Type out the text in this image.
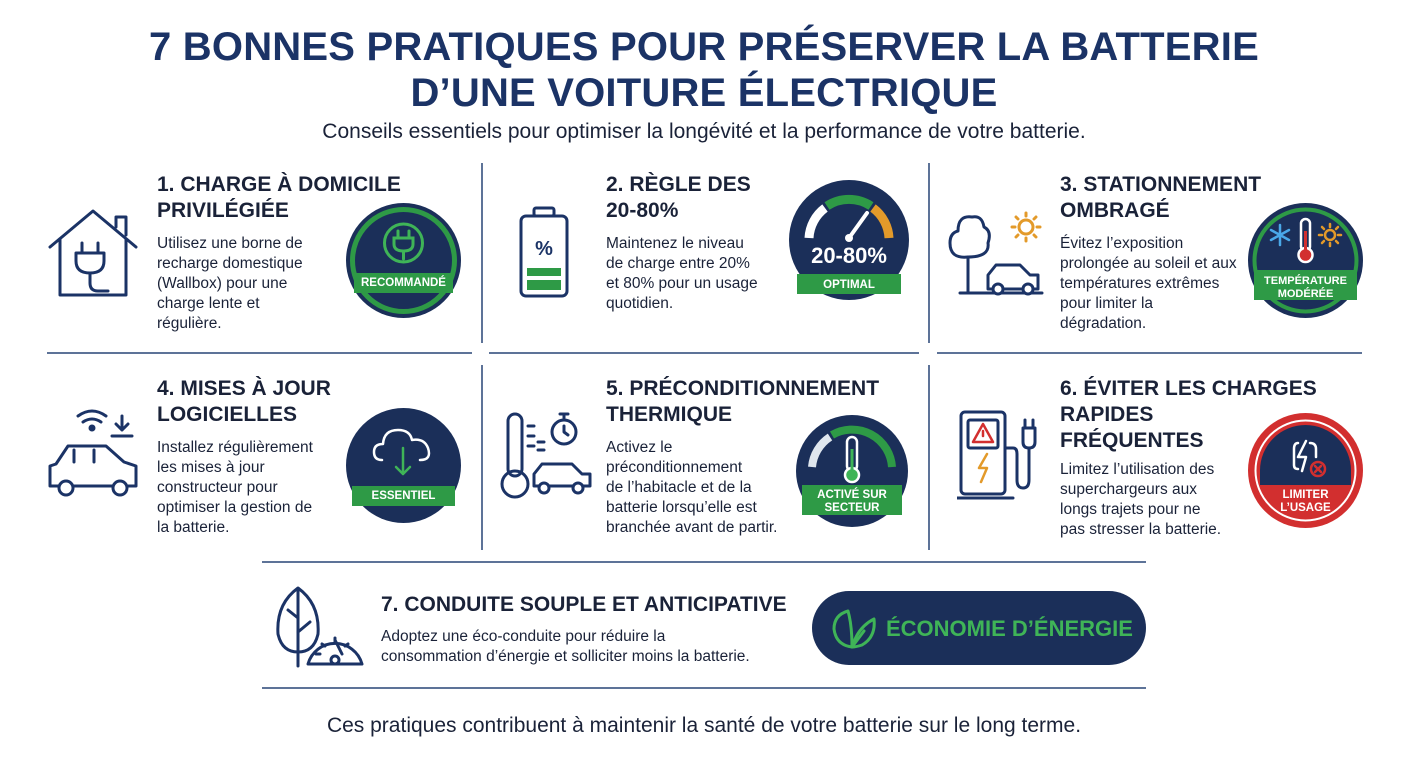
7 BONNES PRATIQUES POUR PRÉSERVER LA BATTERIE
D’UNE VOITURE ÉLECTRIQUE
Conseils essentiels pour optimiser la longévité et la performance de votre batterie.
1. CHARGE À DOMICILE
PRIVILÉGIÉE
Utilisez une borne de
recharge domestique
(Wallbox) pour une
charge lente et
régulière.
RECOMMANDÉ
%
2. RÈGLE DES
20-80%
Maintenez le niveau
de charge entre 20%
et 80% pour un usage
quotidien.
20-80%
OPTIMAL
3. STATIONNEMENT
OMBRAGÉ
Évitez l’exposition
prolongée au soleil et aux
températures extrêmes
pour limiter la
dégradation.
TEMPÉRATURE
MODÉRÉE
4. MISES À JOUR
LOGICIELLES
Installez régulièrement
les mises à jour
constructeur pour
optimiser la gestion de
la batterie.
ESSENTIEL
5. PRÉCONDITIONNEMENT
THERMIQUE
Activez le
préconditionnement
de l’habitacle et de la
batterie lorsqu’elle est
branchée avant de partir.
ACTIVÉ SUR
SECTEUR
6. ÉVITER LES CHARGES
RAPIDES
FRÉQUENTES
Limitez l’utilisation des
superchargeurs aux
longs trajets pour ne
pas stresser la batterie.
LIMITER
L’USAGE
7. CONDUITE SOUPLE ET ANTICIPATIVE
Adoptez une éco-conduite pour réduire la
consommation d’énergie et solliciter moins la batterie.
ÉCONOMIE D’ÉNERGIE
Ces pratiques contribuent à maintenir la santé de votre batterie sur le long terme.
